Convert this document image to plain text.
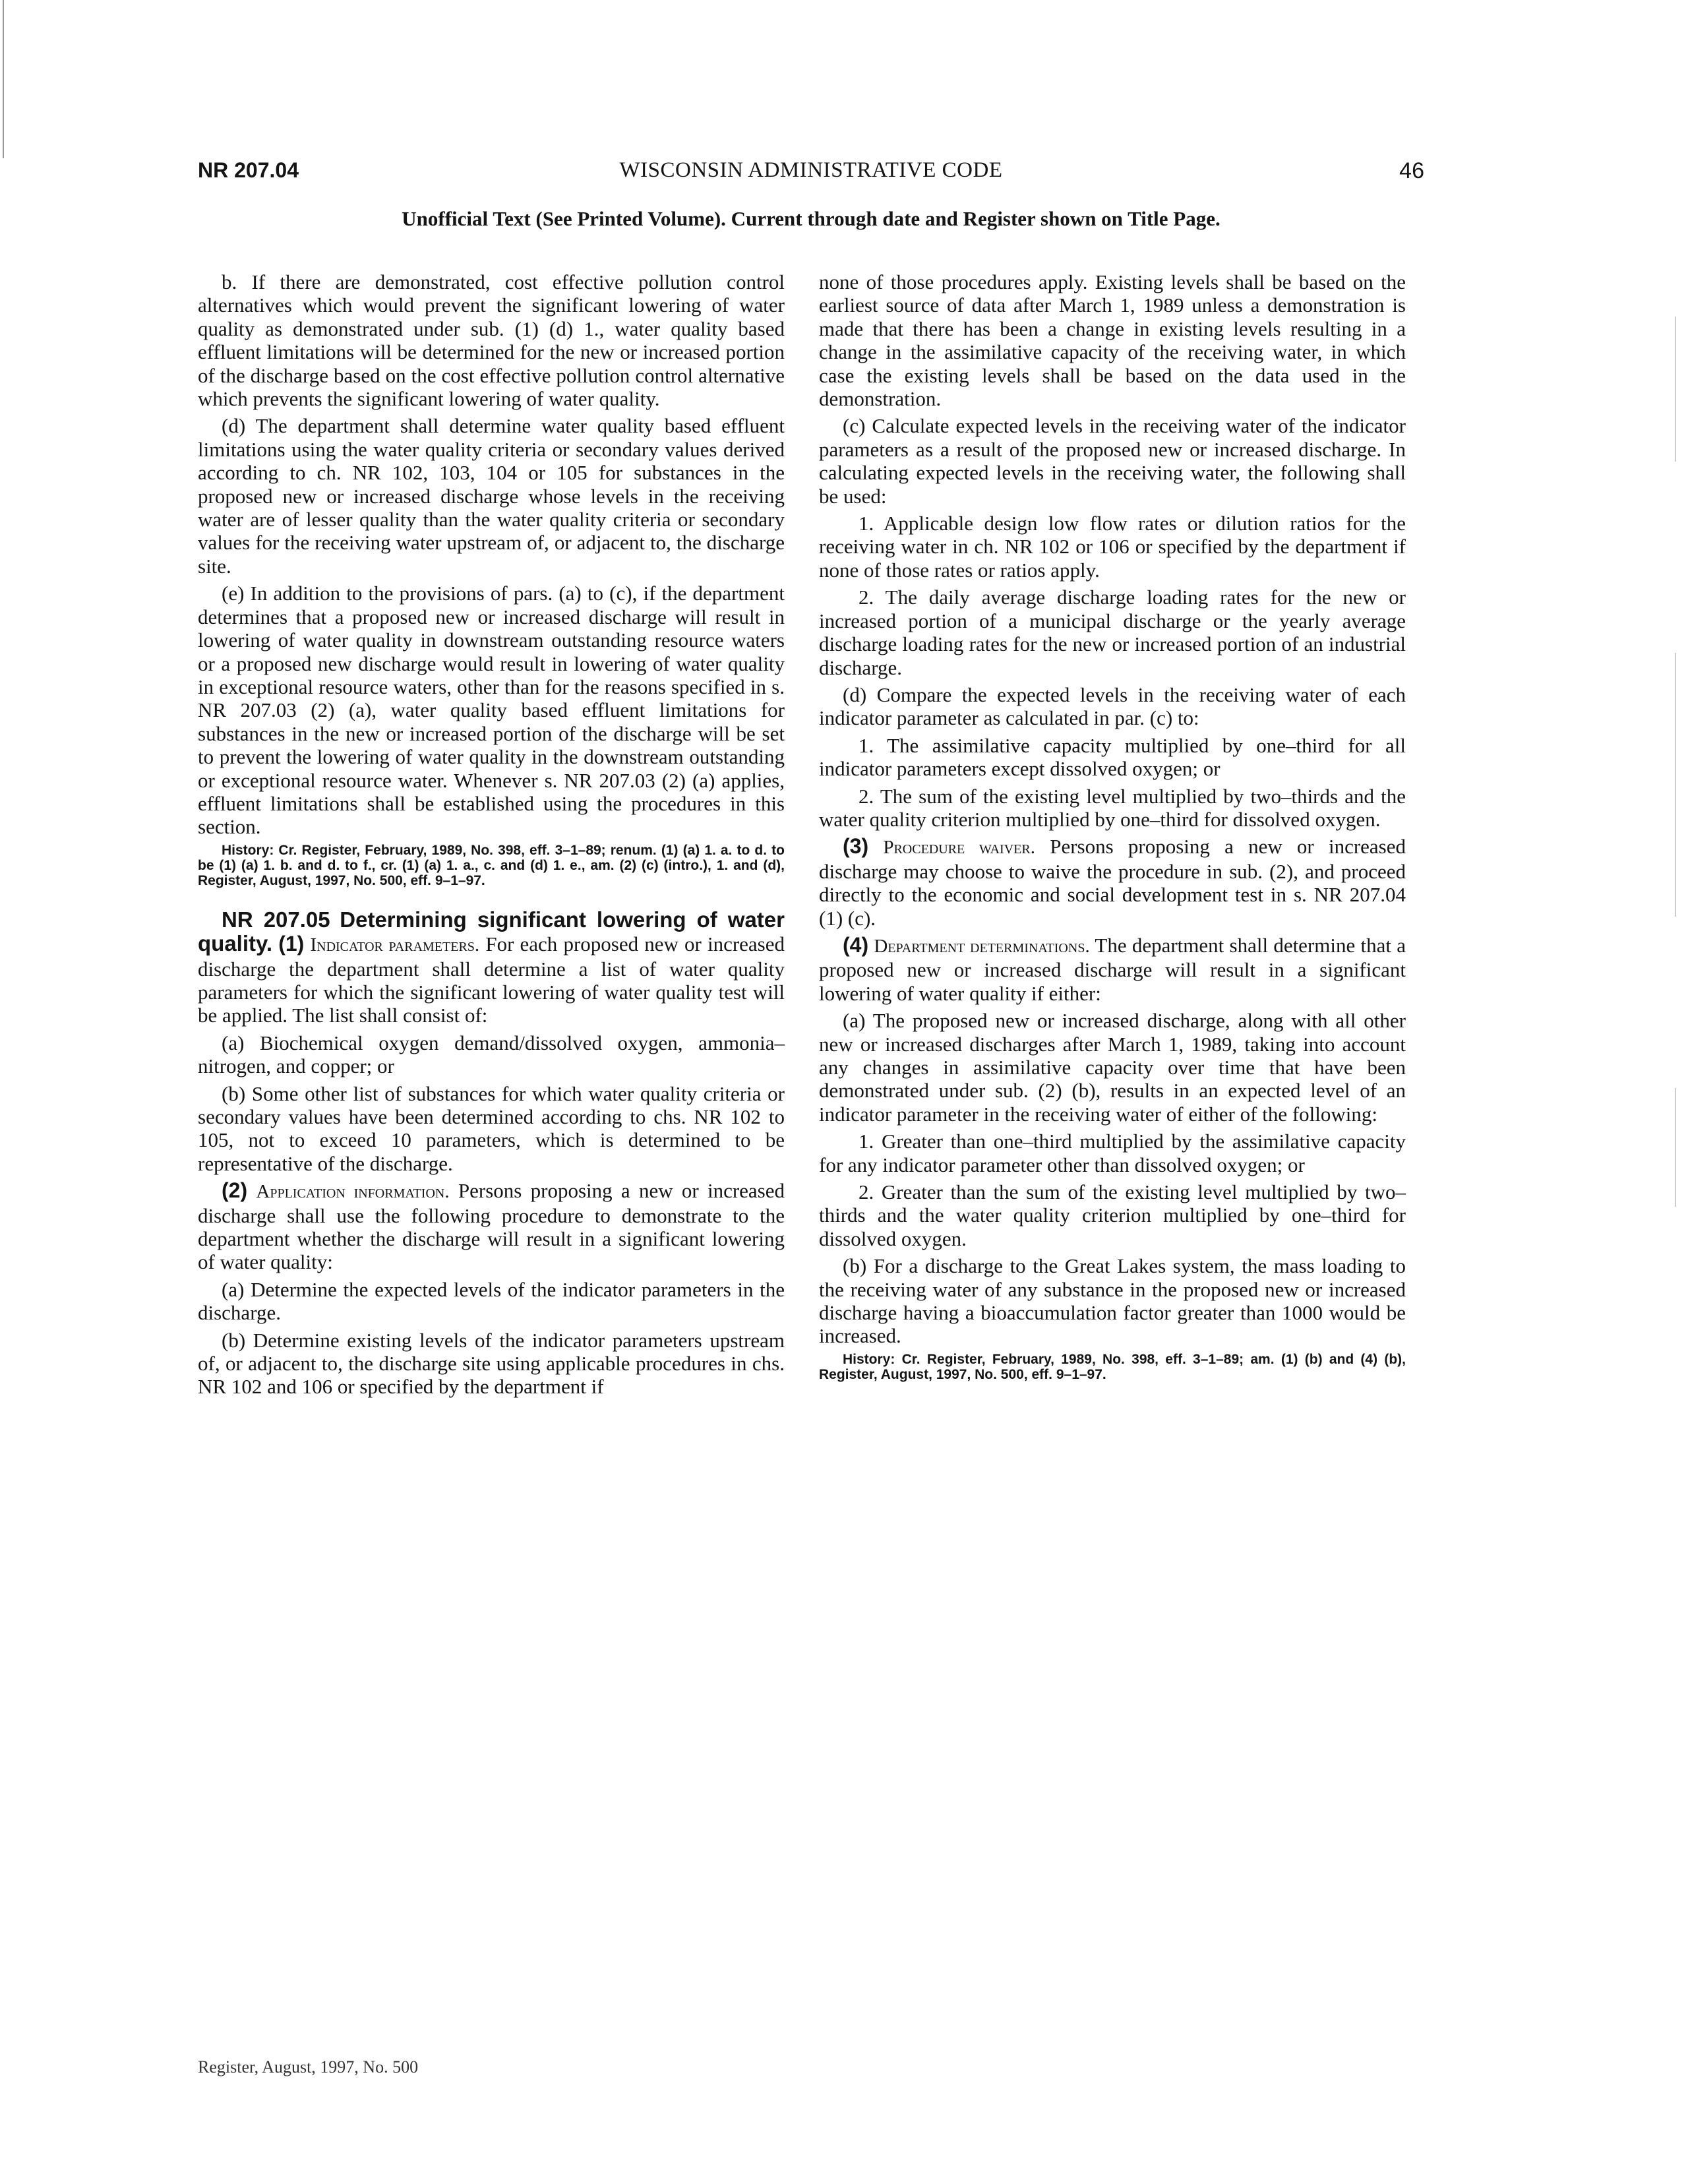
NR 207.04	WISCONSIN ADMINISTRATIVE CODE	46
Unofficial Text (See Printed Volume). Current through date and Register shown on Title Page.

b. If there are demonstrated, cost effective pollution control alternatives which would prevent the significant lowering of water quality as demonstrated under sub. (1) (d) 1., water quality based effluent limitations will be determined for the new or increased portion of the discharge based on the cost effective pollution control alternative which prevents the significant lowering of water quality.

(d) The department shall determine water quality based effluent limitations using the water quality criteria or secondary values derived according to ch. NR 102, 103, 104 or 105 for substances in the proposed new or increased discharge whose levels in the receiving water are of lesser quality than the water quality criteria or secondary values for the receiving water upstream of, or adjacent to, the discharge site.

(e) In addition to the provisions of pars. (a) to (c), if the department determines that a proposed new or increased discharge will result in lowering of water quality in downstream outstanding resource waters or a proposed new discharge would result in lowering of water quality in exceptional resource waters, other than for the reasons specified in s. NR 207.03 (2) (a), water quality based effluent limitations for substances in the new or increased portion of the discharge will be set to prevent the lowering of water quality in the downstream outstanding or exceptional resource water. Whenever s. NR 207.03 (2) (a) applies, effluent limitations shall be established using the procedures in this section.

History: Cr. Register, February, 1989, No. 398, eff. 3–1–89; renum. (1) (a) 1. a. to d. to be (1) (a) 1. b. and d. to f., cr. (1) (a) 1. a., c. and (d) 1. e., am. (2) (c) (intro.), 1. and (d), Register, August, 1997, No. 500, eff. 9–1–97.

NR 207.05 Determining significant lowering of water quality. (1) Indicator parameters. For each proposed new or increased discharge the department shall determine a list of water quality parameters for which the significant lowering of water quality test will be applied. The list shall consist of:

(a) Biochemical oxygen demand/dissolved oxygen, ammonia–nitrogen, and copper; or

(b) Some other list of substances for which water quality criteria or secondary values have been determined according to chs. NR 102 to 105, not to exceed 10 parameters, which is determined to be representative of the discharge.

(2) Application information. Persons proposing a new or increased discharge shall use the following procedure to demonstrate to the department whether the discharge will result in a significant lowering of water quality:

(a) Determine the expected levels of the indicator parameters in the discharge.

(b) Determine existing levels of the indicator parameters upstream of, or adjacent to, the discharge site using applicable procedures in chs. NR 102 and 106 or specified by the department if

none of those procedures apply. Existing levels shall be based on the earliest source of data after March 1, 1989 unless a demonstration is made that there has been a change in existing levels resulting in a change in the assimilative capacity of the receiving water, in which case the existing levels shall be based on the data used in the demonstration.

(c) Calculate expected levels in the receiving water of the indicator parameters as a result of the proposed new or increased discharge. In calculating expected levels in the receiving water, the following shall be used:

1. Applicable design low flow rates or dilution ratios for the receiving water in ch. NR 102 or 106 or specified by the department if none of those rates or ratios apply.

2. The daily average discharge loading rates for the new or increased portion of a municipal discharge or the yearly average discharge loading rates for the new or increased portion of an industrial discharge.

(d) Compare the expected levels in the receiving water of each indicator parameter as calculated in par. (c) to:

1. The assimilative capacity multiplied by one–third for all indicator parameters except dissolved oxygen; or

2. The sum of the existing level multiplied by two–thirds and the water quality criterion multiplied by one–third for dissolved oxygen.

(3) Procedure waiver. Persons proposing a new or increased discharge may choose to waive the procedure in sub. (2), and proceed directly to the economic and social development test in s. NR 207.04 (1) (c).

(4) Department determinations. The department shall determine that a proposed new or increased discharge will result in a significant lowering of water quality if either:

(a) The proposed new or increased discharge, along with all other new or increased discharges after March 1, 1989, taking into account any changes in assimilative capacity over time that have been demonstrated under sub. (2) (b), results in an expected level of an indicator parameter in the receiving water of either of the following:

1. Greater than one–third multiplied by the assimilative capacity for any indicator parameter other than dissolved oxygen; or

2. Greater than the sum of the existing level multiplied by two–thirds and the water quality criterion multiplied by one–third for dissolved oxygen.

(b) For a discharge to the Great Lakes system, the mass loading to the receiving water of any substance in the proposed new or increased discharge having a bioaccumulation factor greater than 1000 would be increased.

History: Cr. Register, February, 1989, No. 398, eff. 3–1–89; am. (1) (b) and (4) (b), Register, August, 1997, No. 500, eff. 9–1–97.

Register, August, 1997, No. 500
